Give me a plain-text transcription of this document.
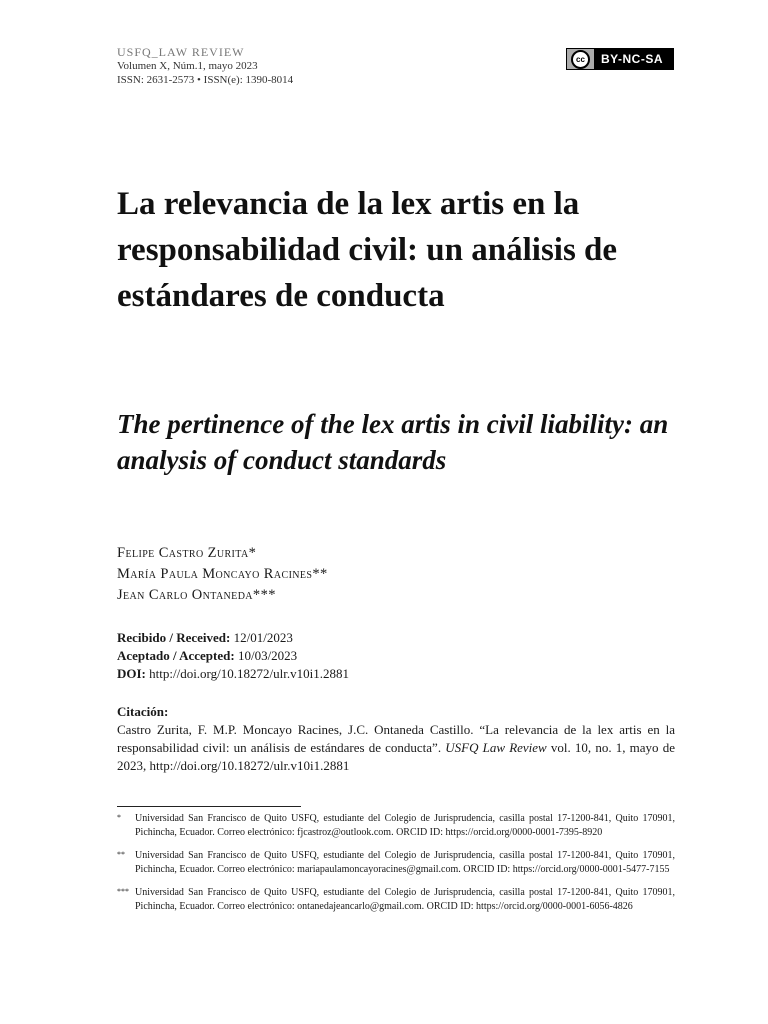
USFQ_LAW REVIEW
Volumen X, Núm.1, mayo 2023
ISSN: 2631-2573 • ISSN(e): 1390-8014
cc	BY-NC-SA
La relevancia de la lex artis en la responsabilidad civil: un análisis de estándares de conducta
The pertinence of the lex artis in civil liability: an analysis of conduct standards
Felipe Castro Zurita*
María Paula Moncayo Racines**
Jean Carlo Ontaneda***
Recibido / Received: 12/01/2023
Aceptado / Accepted: 10/03/2023
DOI: http://doi.org/10.18272/ulr.v10i1.2881
Citación:
Castro Zurita, F. M.P. Moncayo Racines, J.C. Ontaneda Castillo. “La relevancia de la lex artis en la responsabilidad civil: un análisis de estándares de conducta”. USFQ Law Review vol. 10, no. 1, mayo de 2023, http://doi.org/10.18272/ulr.v10i1.2881
*	Universidad San Francisco de Quito USFQ, estudiante del Colegio de Jurisprudencia, casilla postal 17-1200-841, Quito 170901, Pichincha, Ecuador. Correo electrónico: fjcastroz@outlook.com. ORCID ID: https://orcid.org/0000-0001-7395-8920
**	Universidad San Francisco de Quito USFQ, estudiante del Colegio de Jurisprudencia, casilla postal 17-1200-841, Quito 170901, Pichincha, Ecuador. Correo electrónico: mariapaulamoncayoracines@gmail.com. ORCID ID: https://orcid.org/0000-0001-5477-7155
*** Universidad San Francisco de Quito USFQ, estudiante del Colegio de Jurisprudencia, casilla postal 17-1200-841, Quito 170901, Pichincha, Ecuador. Correo electrónico: ontanedajeancarlo@gmail.com. ORCID ID: https://orcid.org/0000-0001-6056-4826
